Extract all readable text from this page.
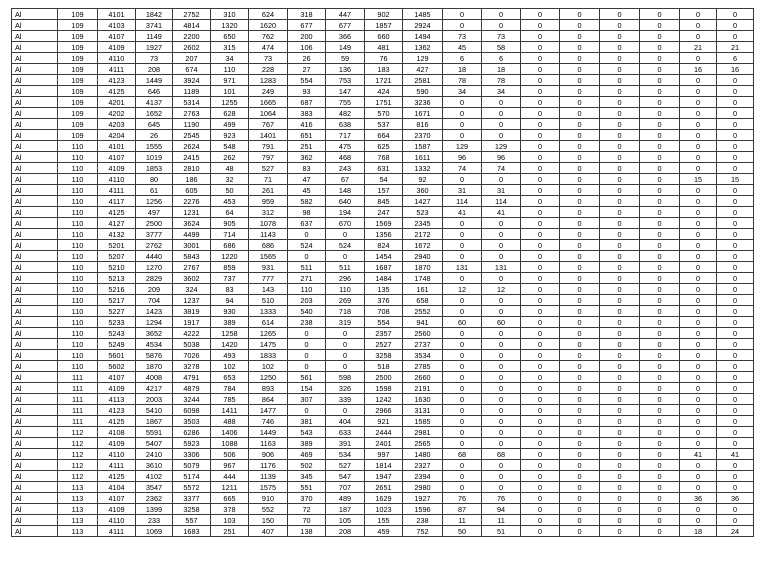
Al	109	4101	1842	2752	310	624	318	447	902	1485	0	0	0	0	0	0	0	0
Al	109	4103	3741	4814	1320	1620	677	677	1857	2924	0	0	0	0	0	0	0	0
Al	109	4107	1149	2200	650	762	200	366	660	1494	73	73	0	0	0	0	0	0
Al	109	4109	1927	2602	315	474	106	149	481	1362	45	58	0	0	0	0	21	21
Al	109	4110	73	207	34	73	26	59	76	129	6	6	0	0	0	0	0	6
Al	109	4111	208	674	110	228	27	136	183	427	18	18	0	0	0	0	16	16
Al	109	4123	1449	3924	971	1283	554	753	1721	2581	78	78	0	0	0	0	0	0
Al	109	4125	646	1189	101	249	93	147	424	590	34	34	0	0	0	0	0	0
Al	109	4201	4137	5314	1255	1665	687	755	1751	3236	0	0	0	0	0	0	0	0
Al	109	4202	1652	2763	628	1064	383	482	570	1671	0	0	0	0	0	0	0	0
Al	109	4203	645	1190	499	767	416	638	537	816	0	0	0	0	0	0	0	0
Al	109	4204	26	2545	923	1401	651	717	664	2370	0	0	0	0	0	0	0	0
Al	110	4101	1555	2624	548	791	251	475	625	1587	129	129	0	0	0	0	0	0
Al	110	4107	1019	2415	262	797	362	468	768	1611	96	96	0	0	0	0	0	0
Al	110	4109	1853	2810	48	527	83	243	631	1332	74	74	0	0	0	0	0	0
Al	110	4110	80	186	32	71	47	67	54	92	0	0	0	0	0	0	15	15
Al	110	4111	61	605	50	261	45	148	157	360	31	31	0	0	0	0	0	0
Al	110	4117	1256	2276	453	959	582	640	845	1427	114	114	0	0	0	0	0	0
Al	110	4125	497	1231	64	312	98	194	247	523	41	41	0	0	0	0	0	0
Al	110	4127	2500	3624	905	1078	637	670	1569	2345	0	0	0	0	0	0	0	0
Al	110	4132	3777	4499	714	1143	0	0	1356	2172	0	0	0	0	0	0	0	0
Al	110	5201	2762	3001	686	686	524	524	824	1672	0	0	0	0	0	0	0	0
Al	110	5207	4440	5843	1220	1565	0	0	1454	2940	0	0	0	0	0	0	0	0
Al	110	5210	1270	2767	859	931	511	511	1687	1870	131	131	0	0	0	0	0	0
Al	110	5213	2829	3602	737	777	271	296	1484	1748	0	0	0	0	0	0	0	0
Al	110	5216	209	324	83	143	110	110	135	161	12	12	0	0	0	0	0	0
Al	110	5217	704	1237	94	510	203	269	376	658	0	0	0	0	0	0	0	0
Al	110	5227	1423	3819	930	1333	540	718	708	2552	0	0	0	0	0	0	0	0
Al	110	5233	1294	1917	389	614	238	319	554	941	60	60	0	0	0	0	0	0
Al	110	5243	3652	4222	1258	1265	0	0	2357	2560	0	0	0	0	0	0	0	0
Al	110	5249	4534	5038	1420	1475	0	0	2527	2737	0	0	0	0	0	0	0	0
Al	110	5601	5876	7026	493	1833	0	0	3258	3534	0	0	0	0	0	0	0	0
Al	110	5602	1870	3278	102	102	0	0	518	2785	0	0	0	0	0	0	0	0
Al	111	4107	4008	4791	653	1250	561	598	2500	2660	0	0	0	0	0	0	0	0
Al	111	4109	4217	4879	784	893	154	326	1598	2191	0	0	0	0	0	0	0	0
Al	111	4113	2003	3244	785	864	307	339	1242	1630	0	0	0	0	0	0	0	0
Al	111	4123	5410	6098	1411	1477	0	0	2966	3131	0	0	0	0	0	0	0	0
Al	111	4125	1867	3503	488	746	381	404	921	1585	0	0	0	0	0	0	0	0
Al	112	4108	5591	6286	1406	1449	543	633	2444	2981	0	0	0	0	0	0	0	0
Al	112	4109	5407	5923	1088	1163	389	391	2401	2565	0	0	0	0	0	0	0	0
Al	112	4110	2410	3306	506	906	469	534	997	1480	68	68	0	0	0	0	41	41
Al	112	4111	3610	5079	967	1176	502	527	1814	2327	0	0	0	0	0	0	0	0
Al	112	4125	4102	5174	444	1139	345	547	1947	2394	0	0	0	0	0	0	0	0
Al	113	4104	3547	5572	1211	1575	551	707	2651	2980	0	0	0	0	0	0	0	0
Al	113	4107	2362	3377	665	910	370	489	1629	1927	76	76	0	0	0	0	36	36
Al	113	4109	1399	3258	378	552	72	187	1023	1596	87	94	0	0	0	0	0	0
Al	113	4110	233	557	103	150	70	105	155	238	11	11	0	0	0	0	0	0
Al	113	4111	1069	1683	251	407	138	208	459	752	50	51	0	0	0	0	18	24
